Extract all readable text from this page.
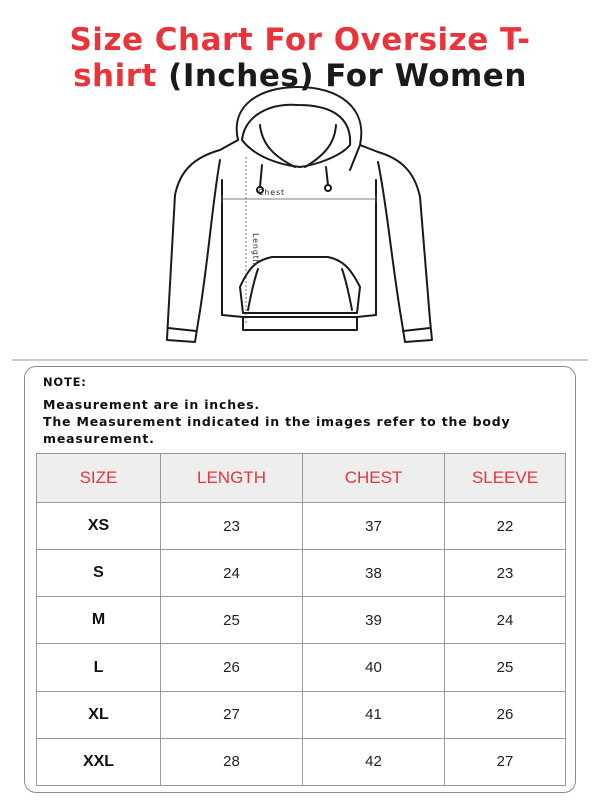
Size Chart For Oversize T-
shirt (Inches) For Women
Chest
Length
NOTE:
Measurement are in inches.
The Measurement indicated in the images refer to the body measurement.
SIZE	LENGTH	CHEST	SLEEVE
XS	23	37	22
S	24	38	23
M	25	39	24
L	26	40	25
XL	27	41	26
XXL	28	42	27
